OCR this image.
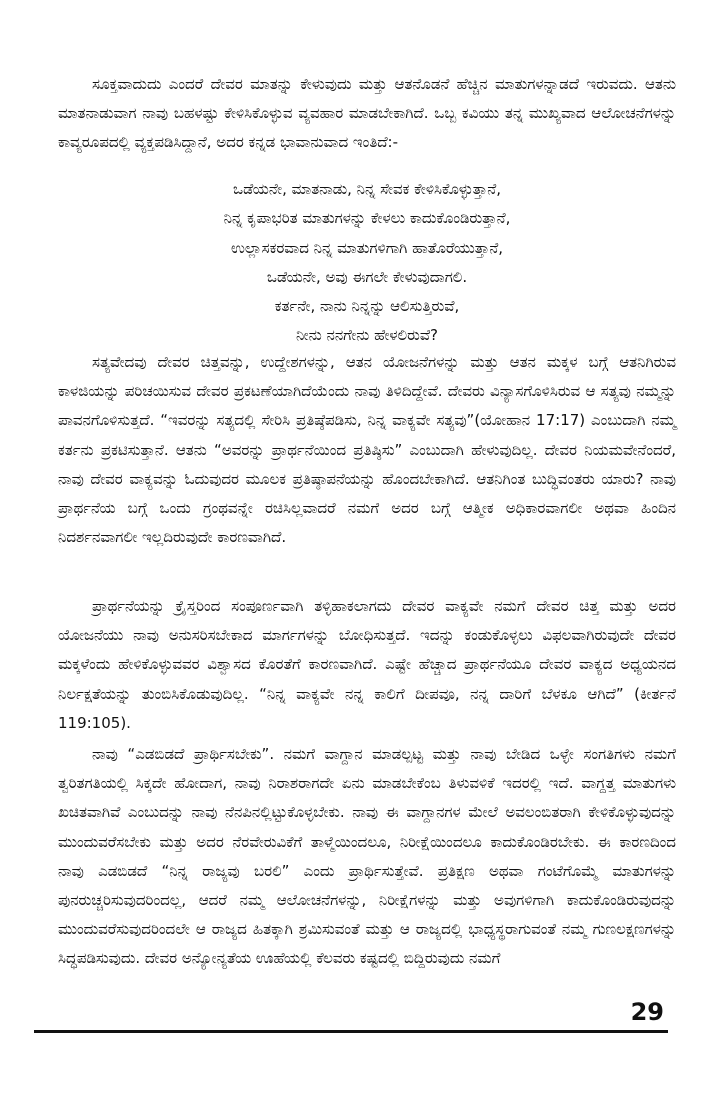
ಸೂಕ್ತವಾದುದು ಎಂದರೆ ದೇವರ ಮಾತನ್ನು ಕೇಳುವುದು ಮತ್ತು ಆತನೊಡನೆ ಹೆಚ್ಚಿನ ಮಾತುಗಳನ್ನಾಡದೆ ಇರುವದು. ಆತನು ಮಾತನಾಡುವಾಗ ನಾವು ಬಹಳಷ್ಟು ಕೇಳಿಸಿಕೊಳ್ಳುವ ವ್ಯವಹಾರ ಮಾಡಬೇಕಾಗಿದೆ. ಒಬ್ಬ ಕವಿಯು ತನ್ನ ಮುಖ್ಯವಾದ ಆಲೋಚನೆಗಳನ್ನು ಕಾವ್ಯರೂಪದಲ್ಲಿ ವ್ಯಕ್ತಪಡಿಸಿದ್ದಾನೆ, ಅದರ ಕನ್ನಡ ಭಾವಾನುವಾದ ಇಂತಿದೆ:-

ಒಡೆಯನೇ, ಮಾತನಾಡು, ನಿನ್ನ ಸೇವಕ ಕೇಳಿಸಿಕೊಳ್ಳುತ್ತಾನೆ,
ನಿನ್ನ ಕೃಪಾಭರಿತ ಮಾತುಗಳನ್ನು ಕೇಳಲು ಕಾದುಕೊಂಡಿರುತ್ತಾನೆ,
ಉಲ್ಲಾಸಕರವಾದ ನಿನ್ನ ಮಾತುಗಳಿಗಾಗಿ ಹಾತೊರೆಯುತ್ತಾನೆ,
ಒಡೆಯನೇ, ಅವು ಈಗಲೇ ಕೇಳುವುದಾಗಲಿ.
ಕರ್ತನೇ, ನಾನು ನಿನ್ನನ್ನು ಆಲಿಸುತ್ತಿರುವೆ,
ನೀನು ನನಗೇನು ಹೇಳಲಿರುವೆ?

ಸತ್ಯವೇದವು ದೇವರ ಚಿತ್ತವನ್ನು, ಉದ್ದೇಶಗಳನ್ನು, ಆತನ ಯೋಜನೆಗಳನ್ನು ಮತ್ತು ಆತನ ಮಕ್ಕಳ ಬಗ್ಗೆ ಆತನಿಗಿರುವ ಕಾಳಜಿಯನ್ನು ಪರಿಚಯಿಸುವ ದೇವರ ಪ್ರಕಟಣೆಯಾಗಿದೆಯೆಂದು ನಾವು ತಿಳಿದಿದ್ದೇವೆ. ದೇವರು ವಿನ್ಯಾಸಗೊಳಿಸಿರುವ ಆ ಸತ್ಯವು ನಮ್ಮನ್ನು ಪಾವನಗೊಳಿಸುತ್ತದೆ. “ಇವರನ್ನು ಸತ್ಯದಲ್ಲಿ ಸೇರಿಸಿ ಪ್ರತಿಷ್ಠೆಪಡಿಸು, ನಿನ್ನ ವಾಕ್ಯವೇ ಸತ್ಯವು”(ಯೋಹಾನ 17:17) ಎಂಬುದಾಗಿ ನಮ್ಮ ಕರ್ತನು ಪ್ರಕಟಿಸುತ್ತಾನೆ. ಆತನು “ಅವರನ್ನು ಪ್ರಾರ್ಥನೆಯಿಂದ ಪ್ರತಿಷ್ಠಿಸು” ಎಂಬುದಾಗಿ ಹೇಳುವುದಿಲ್ಲ. ದೇವರ ನಿಯಮವೇನೆಂದರೆ, ನಾವು ದೇವರ ವಾಕ್ಯವನ್ನು ಓದುವುದರ ಮೂಲಕ ಪ್ರತಿಷ್ಠಾಪನೆಯನ್ನು ಹೊಂದಬೇಕಾಗಿದೆ. ಆತನಿಗಿಂತ ಬುದ್ಧಿವಂತರು ಯಾರು? ನಾವು ಪ್ರಾರ್ಥನೆಯ ಬಗ್ಗೆ ಒಂದು ಗ್ರಂಥವನ್ನೇ ರಚಿಸಿಲ್ಲವಾದರೆ ನಮಗೆ ಅದರ ಬಗ್ಗೆ ಆತ್ಮೀಕ ಅಧಿಕಾರವಾಗಲೀ ಅಥವಾ ಹಿಂದಿನ ನಿದರ್ಶನವಾಗಲೀ ಇಲ್ಲದಿರುವುದೇ ಕಾರಣವಾಗಿದೆ.

ಪ್ರಾರ್ಥನೆಯನ್ನು ಕ್ರೈಸ್ತರಿಂದ ಸಂಪೂರ್ಣವಾಗಿ ತಳ್ಳಿಹಾಕಲಾಗದು ದೇವರ ವಾಕ್ಯವೇ ನಮಗೆ ದೇವರ ಚಿತ್ತ ಮತ್ತು ಅದರ ಯೋಜನೆಯು ನಾವು ಅನುಸರಿಸಬೇಕಾದ ಮಾರ್ಗಗಳನ್ನು ಬೋಧಿಸುತ್ತದೆ. ಇದನ್ನು ಕಂಡುಕೊಳ್ಳಲು ವಿಫಲವಾಗಿರುವುದೇ ದೇವರ ಮಕ್ಕಳೆಂದು ಹೇಳಿಕೊಳ್ಳುವವರ ವಿಶ್ವಾಸದ ಕೊರತೆಗೆ ಕಾರಣವಾಗಿದೆ. ಎಷ್ಟೇ ಹೆಚ್ಚಾದ ಪ್ರಾರ್ಥನೆಯೂ ದೇವರ ವಾಕ್ಯದ ಅಧ್ಯಯನದ ನಿರ್ಲಕ್ಷತೆಯನ್ನು ತುಂಬಿಸಿಕೊಡುವುದಿಲ್ಲ. “ನಿನ್ನ ವಾಕ್ಯವೇ ನನ್ನ ಕಾಲಿಗೆ ದೀಪವೂ, ನನ್ನ ದಾರಿಗೆ ಬೆಳಕೂ ಆಗಿದೆ” (ಕೀರ್ತನೆ 119:105).

ನಾವು “ಎಡಬಿಡದೆ ಪ್ರಾರ್ಥಿಸಬೇಕು”. ನಮಗೆ ವಾಗ್ದಾನ ಮಾಡಲ್ಪಟ್ಟ ಮತ್ತು ನಾವು ಬೇಡಿದ ಒಳ್ಳೇ ಸಂಗತಿಗಳು ನಮಗೆ ತ್ವರಿತಗತಿಯಲ್ಲಿ ಸಿಕ್ಕದೇ ಹೋದಾಗ, ನಾವು ನಿರಾಶರಾಗದೇ ಏನು ಮಾಡಬೇಕೆಂಬ ತಿಳುವಳಿಕೆ ಇದರಲ್ಲಿ ಇದೆ. ವಾಗ್ದತ್ತ ಮಾತುಗಳು ಖಚಿತವಾಗಿವೆ ಎಂಬುದನ್ನು ನಾವು ನೆನಪಿನಲ್ಲಿಟ್ಟುಕೊಳ್ಳಬೇಕು. ನಾವು ಈ ವಾಗ್ದಾನಗಳ ಮೇಲೆ ಅವಲಂಬಿತರಾಗಿ ಕೇಳಿಕೊಳ್ಳುವುದನ್ನು ಮುಂದುವರೆಸಬೇಕು ಮತ್ತು ಅದರ ನೆರವೇರುವಿಕೆಗೆ ತಾಳ್ಮೆಯಿಂದಲೂ, ನಿರೀಕ್ಷೆಯಿಂದಲೂ ಕಾದುಕೊಂಡಿರಬೇಕು. ಈ ಕಾರಣದಿಂದ ನಾವು ಎಡಬಿಡದೆ “ನಿನ್ನ ರಾಜ್ಯವು ಬರಲಿ” ಎಂದು ಪ್ರಾರ್ಥಿಸುತ್ತೇವೆ. ಪ್ರತಿಕ್ಷಣ ಅಥವಾ ಗಂಟೆಗೊಮ್ಮೆ ಮಾತುಗಳನ್ನು ಪುನರುಚ್ಚರಿಸುವುದರಿಂದಲ್ಲ, ಆದರೆ ನಮ್ಮ ಆಲೋಚನೆಗಳನ್ನು, ನಿರೀಕ್ಷೆಗಳನ್ನು ಮತ್ತು ಅವುಗಳಿಗಾಗಿ ಕಾದುಕೊಂಡಿರುವುದನ್ನು ಮುಂದುವರೆಸುವುದರಿಂದಲೇ ಆ ರಾಜ್ಯದ ಹಿತಕ್ಕಾಗಿ ಶ್ರಮಿಸುವಂತೆ ಮತ್ತು ಆ ರಾಜ್ಯದಲ್ಲಿ ಭಾಧ್ಯಸ್ಥರಾಗುವಂತೆ ನಮ್ಮ ಗುಣಲಕ್ಷಣಗಳನ್ನು ಸಿದ್ಧಪಡಿಸುವುದು. ದೇವರ ಅನ್ಯೋನ್ಯತೆಯ ಊಹೆಯಲ್ಲಿ ಕೆಲವರು ಕಷ್ಟದಲ್ಲಿ ಬಿದ್ದಿರುವುದು ನಮಗೆ

29
